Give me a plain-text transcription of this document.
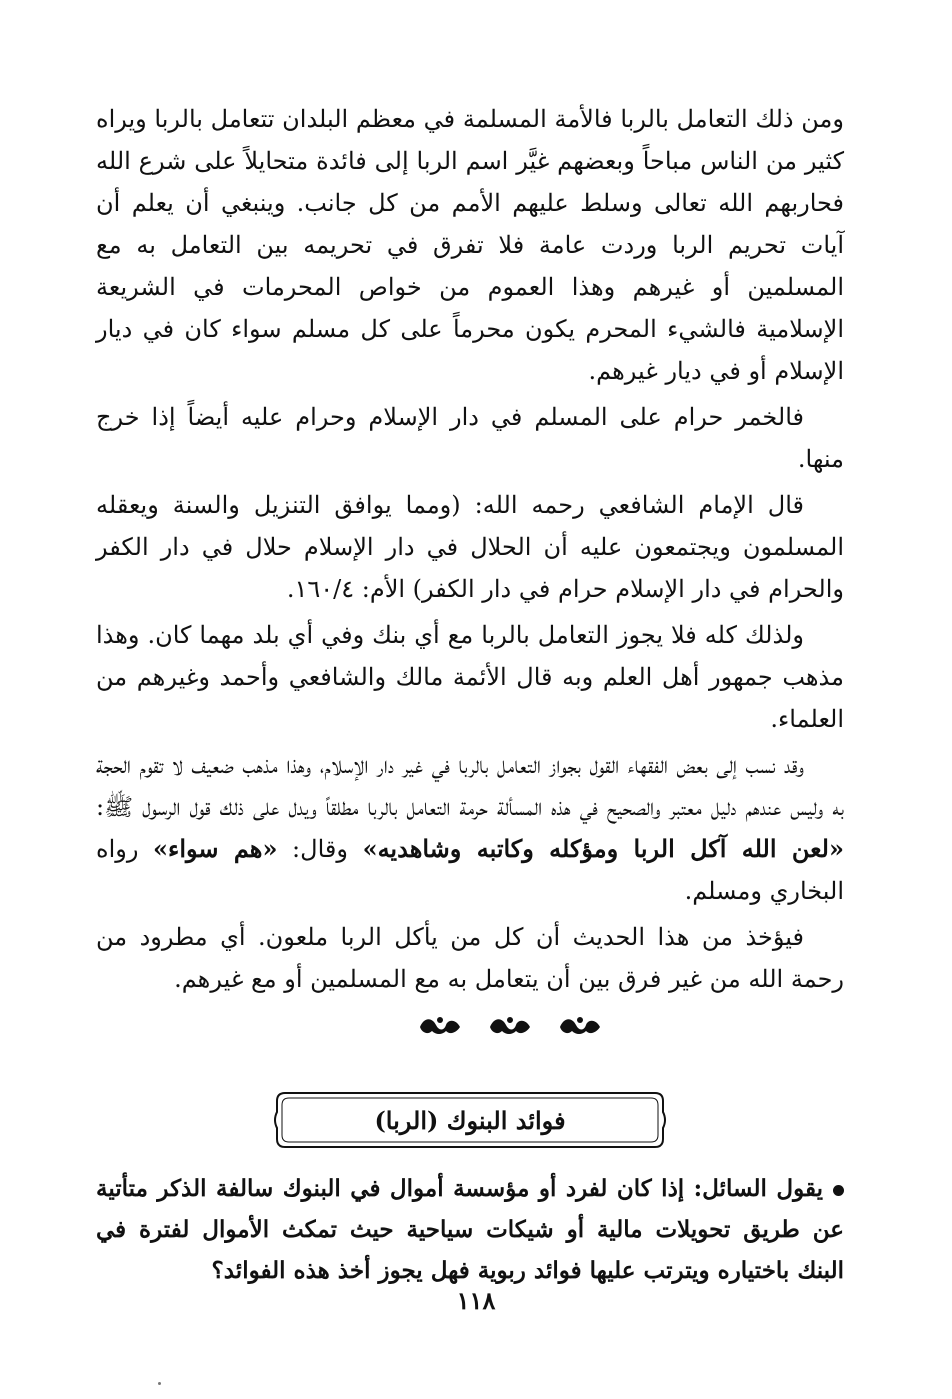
ومن ذلك التعامل بالربا فالأمة المسلمة في معظم البلدان تتعامل بالربا ويراه كثير من الناس مباحاً وبعضهم غيَّر اسم الربا إلى فائدة متحايلاً على شرع الله فحاربهم الله تعالى وسلط عليهم الأمم من كل جانب. وينبغي أن يعلم أن آيات تحريم الربا وردت عامة فلا تفرق في تحريمه بين التعامل به مع المسلمين أو غيرهم وهذا العموم من خواص المحرمات في الشريعة الإسلامية فالشيء المحرم يكون محرماً على كل مسلم سواء كان في ديار الإسلام أو في ديار غيرهم.

فالخمر حرام على المسلم في دار الإسلام وحرام عليه أيضاً إذا خرج منها.

قال الإمام الشافعي رحمه الله: (ومما يوافق التنزيل والسنة ويعقله المسلمون ويجتمعون عليه أن الحلال في دار الإسلام حلال في دار الكفر والحرام في دار الإسلام حرام في دار الكفر) الأم: ١٦٠/٤.

ولذلك كله فلا يجوز التعامل بالربا مع أي بنك وفي أي بلد مهما كان. وهذا مذهب جمهور أهل العلم وبه قال الأئمة مالك والشافعي وأحمد وغيرهم من العلماء.

وقد نسب إلى بعض الفقهاء القول بجواز التعامل بالربا في غير دار الإسلام، وهذا مذهب ضعيف لا تقوم الحجة به وليس عندهم دليل معتبر والصحيح في هذه المسألة حرمة التعامل بالربا مطلقاً ويدل على ذلك قول الرسول ﷺ: «لعن الله آكل الربا ومؤكله وكاتبه وشاهديه» وقال: «هم سواء» رواه البخاري ومسلم.

فيؤخذ من هذا الحديث أن كل من يأكل الربا ملعون. أي مطرود من رحمة الله من غير فرق بين أن يتعامل به مع المسلمين أو مع غيرهم.

فوائد البنوك (الربا)
يقول السائل: إذا كان لفرد أو مؤسسة أموال في البنوك سالفة الذكر متأتية عن طريق تحويلات مالية أو شيكات سياحية حيث تمكث الأموال لفترة في البنك باختياره ويترتب عليها فوائد ربوية فهل يجوز أخذ هذه الفوائد؟
١١٨
